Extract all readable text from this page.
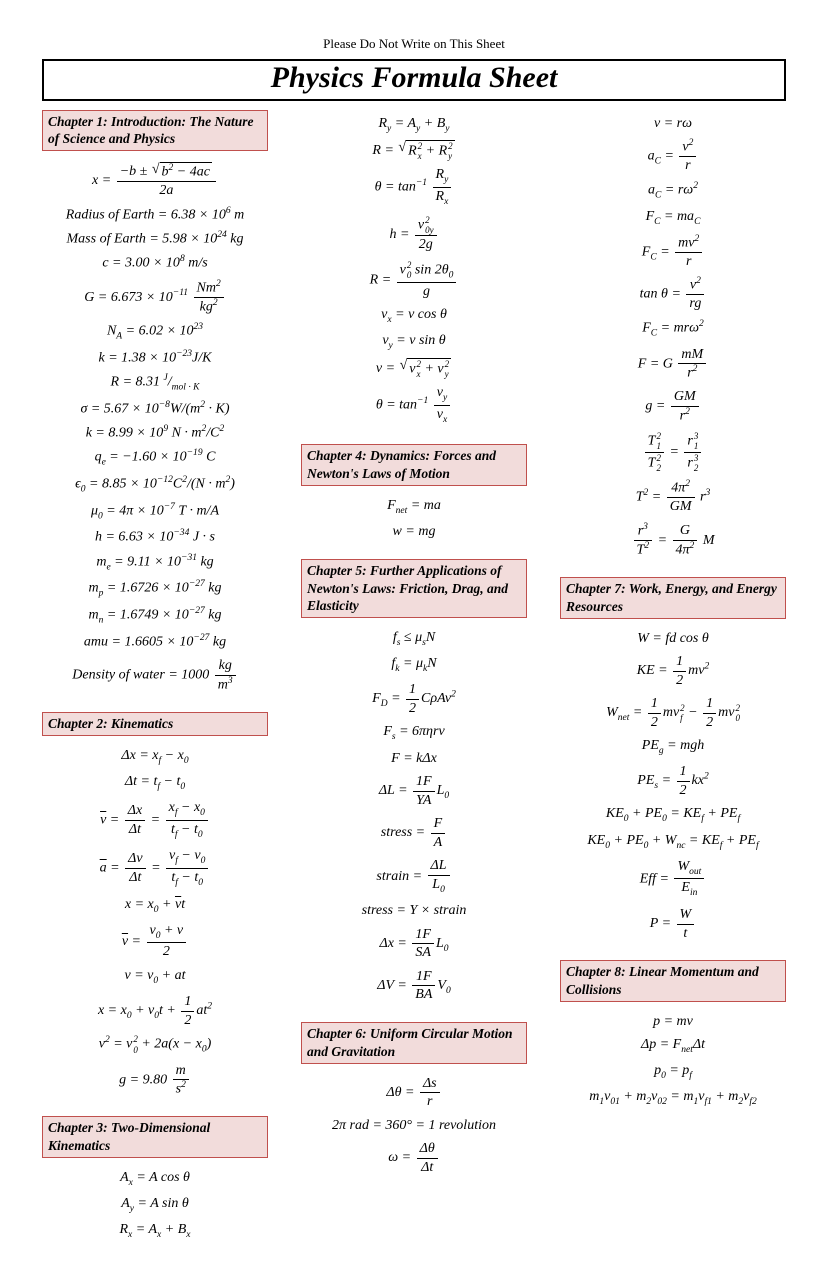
Please Do Not Write on This Sheet
Physics Formula Sheet
Chapter 1: Introduction: The Nature of Science and Physics
$x = \frac{-b \pm √ b^2 - 4ac}{2a}$
Radius of Earth = $6.38 \times 10^6$ m
Mass of Earth = $5.98 \times 10^{24}$ kg
$c = 3.00 \times 10^8$ m/s
$G = 6.673 \times 10^{-11} \frac{Nm^2}{kg^2}$
$N_A = 6.02 \times 10^{23}$
$k = 1.38 \times 10^{-23}J/K$
R = 8.31 $^J/_{mol \cdot K}$
$\sigma = 5.67 \times 10^{-8}W/(m^2 \cdot K)$
$k = 8.99 \times 10^9$ $N \cdot m^2/C^2$
$q_e = -1.60 \times 10^{-19}$ C
$\epsilon_0 = 8.85 \times 10^{-12}C^2/(N \cdot m^2)$
$\mu_0 = 4\pi \times 10^{-7}$ T · m/A
$h = 6.63 \times 10^{-34}$ J · s
$m_e = 9.11 \times 10^{-31}$ kg
$m_p = 1.6726 \times 10^{-27}$ kg
$m_n = 1.6749 \times 10^{-27}$ kg
amu = $1.6605 \times 10^{-27}$ kg
Density of water = $1000 \frac{kg}{m^3}$
Chapter 2: Kinematics
$\Delta x = x_f - x_0$
$\Delta t = t_f - t_0$
$\overline{v} = \frac{\Delta x}{\Delta t} = \frac{x_f - x_0}{t_f - t_0}$
$\overline{a} = \frac{\Delta v}{\Delta t} = \frac{v_f - v_0}{t_f - t_0}$
$x = x_0 + \overline{v}t$
$\overline{v} = \frac{v_0 + v}{2}$
$v = v_0$ + at
$x = x_0 + v_0t + \frac{1}{2} at^2$
$v^2 = v$ 2
$0 + 2a(x - x_0)$
$g = 9.80 \frac{m}{s^2}$
Chapter 3: Two-Dimensional Kinematics
$A_x = A$ cos θ
$A_y = A$ sin θ
$R_x = A_x + B_x$
$R_y = A_y + B_y$
R = √ R 2
x + R 2
y
$\theta = \tan^{-1} \frac{R_y}{R_x}$
h = v 2
0y
2g
R = v 2
0 $\sin 2\theta_0$
g
$v_x = v$ cos θ
$v_y = v$ sin θ
v = √ v 2
x + v 2
y
$\theta = \tan^{-1} \frac{v_y}{v_x}$
Chapter 4: Dynamics: Forces and Newton's Laws of Motion
$F_{net}$ = ma
w = mg
Chapter 5: Further Applications of Newton's Laws: Friction, Drag, and Elasticity
$f_s \le \mu_sN$
$f_k = \mu_kN$
$F_D = \frac{1}{2} C\rho Av^2$
$F_s = 6\pi\eta rv$
F = kΔx
$\Delta L = \frac{1F}{YA} L_0$
stress = $\frac{F}{A}$
strain = $\frac{\Delta L}{L_0}$
stress = Y × strain
$\Delta x = \frac{1F}{SA} L_0$
$\Delta V = \frac{1F}{BA} V_0$
Chapter 6: Uniform Circular Motion and Gravitation
$\Delta\theta = \frac{\Delta s}{r}$
2π rad = 360° = 1 revolution
$\omega = \frac{\Delta\theta}{\Delta t}$
v = rω
$a_C = \frac{v^2}{r}$
$a_C = r\omega^2$
$F_C = ma_C$
$F_C = \frac{mv^2}{r}$
$\tan \theta = \frac{v^2}{rg}$
$F_C = mr\omega^2$
F = G $\frac{mM}{r^2}$
$g = \frac{GM}{r^2}$
T 2
1
T 2
2 = r 3
1
r 3
2
$T^2 = \frac{4\pi^2}{GM} r^3$
$\frac{r^3}{T^2} = \frac{G}{4\pi^2}$ M
Chapter 7: Work, Energy, and Energy Resources
W = fd cos θ
KE = $\frac{1}{2} mv^2$
$W_{net} = \frac{1}{2}$ mv 2
$f - \frac{1}{2}$ mv 2
0
$PE_g$ = mgh
$PE_s = \frac{1}{2} kx^2$
$KE_0 + PE_0 = KE_f + PE_f$
$KE_0 + PE_0 + W_{nc} = KE_f + PE_f$
Eff = $\frac{W_{out}}{E_{in}}$
$P = \frac{W}{t}$
Chapter 8: Linear Momentum and Collisions
p = mv
$\Delta p = F_{net}\Delta t$
$p_0 = p_f$
$m_1v_{01} + m_2v_{02} = m_1v_{f1} + m_2v_{f2}$
